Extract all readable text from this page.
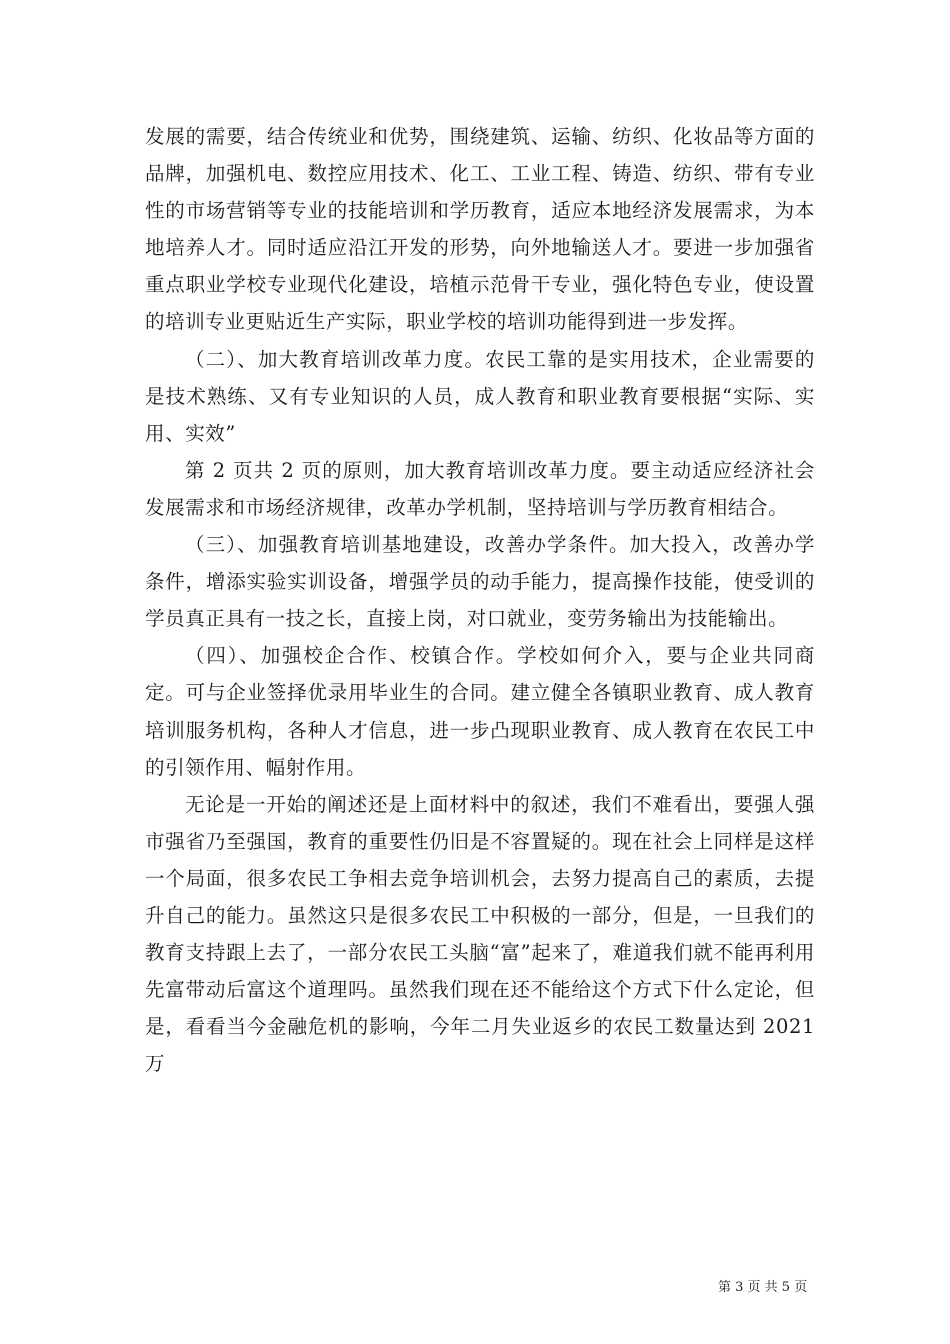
发展的需要，结合传统业和优势，围绕建筑、运输、纺织、化妆品等方面的品牌，加强机电、数控应用技术、化工、工业工程、铸造、纺织、带有专业性的市场营销等专业的技能培训和学历教育，适应本地经济发展需求，为本地培养人才。同时适应沿江开发的形势，向外地输送人才。要进一步加强省重点职业学校专业现代化建设，培植示范骨干专业，强化特色专业，使设置的培训专业更贴近生产实际，职业学校的培训功能得到进一步发挥。

（二）、加大教育培训改革力度。农民工靠的是实用技术，企业需要的是技术熟练、又有专业知识的人员，成人教育和职业教育要根据“实际、实用、实效”

第 2 页共 2 页的原则，加大教育培训改革力度。要主动适应经济社会发展需求和市场经济规律，改革办学机制，坚持培训与学历教育相结合。

（三）、加强教育培训基地建设，改善办学条件。加大投入，改善办学条件，增添实验实训设备，增强学员的动手能力，提高操作技能，使受训的学员真正具有一技之长，直接上岗，对口就业，变劳务输出为技能输出。

（四）、加强校企合作、校镇合作。学校如何介入，要与企业共同商定。可与企业签择优录用毕业生的合同。建立健全各镇职业教育、成人教育培训服务机构，各种人才信息，进一步凸现职业教育、成人教育在农民工中的引领作用、幅射作用。

无论是一开始的阐述还是上面材料中的叙述，我们不难看出，要强人强市强省乃至强国，教育的重要性仍旧是不容置疑的。现在社会上同样是这样一个局面，很多农民工争相去竞争培训机会，去努力提高自己的素质，去提升自己的能力。虽然这只是很多农民工中积极的一部分，但是，一旦我们的教育支持跟上去了，一部分农民工头脑“富”起来了，难道我们就不能再利用先富带动后富这个道理吗。虽然我们现在还不能给这个方式下什么定论，但是，看看当今金融危机的影响，今年二月失业返乡的农民工数量达到 2021 万

第 3 页 共 5 页
